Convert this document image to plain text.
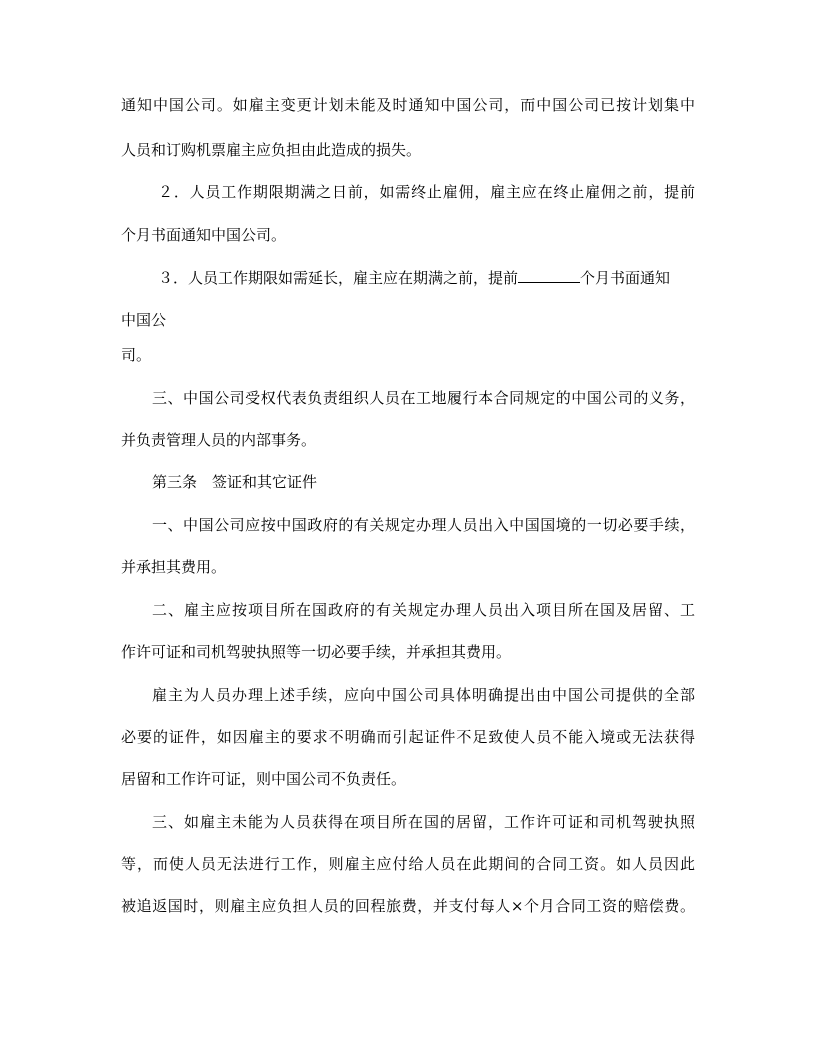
通知中国公司。如雇主变更计划未能及时通知中国公司，而中国公司已按计划集中
人员和订购机票雇主应负担由此造成的损失。
２．人员工作期限期满之日前，如需终止雇佣，雇主应在终止雇佣之前，提前
个月书面通知中国公司。
３．人员工作期限如需延长，雇主应在期满之前，提前	个月书面通知
中国公
司。
三、中国公司受权代表负责组织人员在工地履行本合同规定的中国公司的义务，
并负责管理人员的内部事务。
第三条　签证和其它证件
一、中国公司应按中国政府的有关规定办理人员出入中国国境的一切必要手续，
并承担其费用。
二、雇主应按项目所在国政府的有关规定办理人员出入项目所在国及居留、工
作许可证和司机驾驶执照等一切必要手续，并承担其费用。
雇主为人员办理上述手续，应向中国公司具体明确提出由中国公司提供的全部
必要的证件，如因雇主的要求不明确而引起证件不足致使人员不能入境或无法获得
居留和工作许可证，则中国公司不负责任。
三、如雇主未能为人员获得在项目所在国的居留，工作许可证和司机驾驶执照
等，而使人员无法进行工作，则雇主应付给人员在此期间的合同工资。如人员因此
被追返国时，则雇主应负担人员的回程旅费，并支付每人×个月合同工资的赔偿费。
